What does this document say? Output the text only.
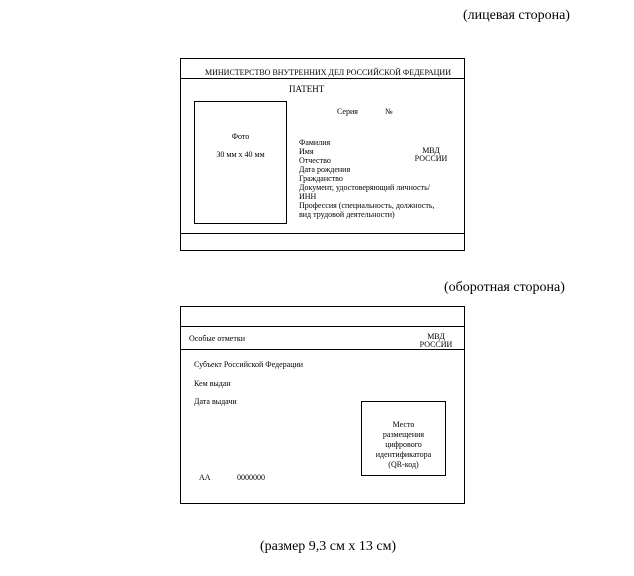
(лицевая сторона)
МИНИСТЕРСТВО ВНУТРЕННИХ ДЕЛ РОССИЙСКОЙ ФЕДЕРАЦИИ
ПАТЕНТ
Серия	№
Фото
30 мм х 40 мм
Фамилия
Имя
Отчество
Дата рождения
Гражданство
Документ, удостоверяющий личность/
ИНН
Профессия (специальность, должность,
вид трудовой деятельности)
МВД
РОССИИ
(оборотная сторона)
Особые отметки	МВД
РОССИИ
Субъект Российской Федерации
Кем выдан
Дата выдачи
Место
размещения
цифрового
идентификатора
(QR-код)
АА	0000000
(размер 9,3 см х 13 см)
